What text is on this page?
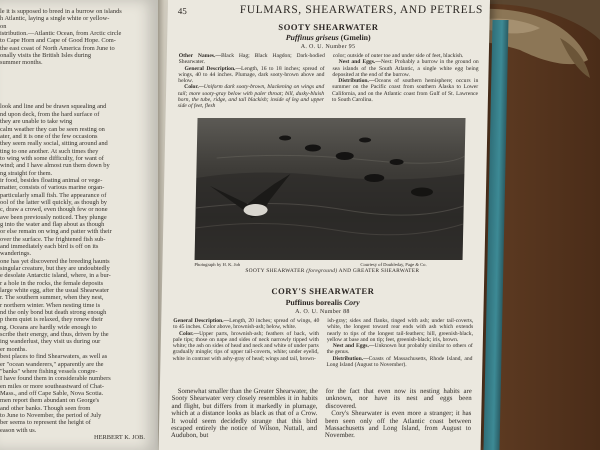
le it is supposed to breed in a burrow on islands
h Atlantic, laying a single white or yellow-
on
istribution.—Atlantic Ocean, from Arctic circle
to Cape Horn and Cape of Good Hope. Com-
the east coast of North America from June to
onally visits the British Isles during
summer months.
look and line and be drawn squealing and
nd upon deck, from the hard surface of
they are unable to take wing
calm weather they can be seen resting on
ater, and it is one of the few occasions
they seem really social, sitting around and
ting to one another. At such times they
to wing with some difficulty, for want of
wind; and I have almost run them down by
ng straight for them.
ir food, besides floating animal or vege-
matter, consists of various marine organ-
particularly small fish. The appearance of
ool of the latter will quickly, as though by
c, draw a crowd, even though few or none
ave been previously noticed. They plunge
g into the water and flap about as though
or else remain on wing and patter with their
over the surface. The frightened fish sub-
and immediately each bird is off on its
wanderings.
one has yet discovered the breeding haunts
singular creature, but they are undoubtedly
e desolate Antarctic island, where, in a bur-
r a hole in the rocks, the female deposits
large white egg, after the usual Shearwater
r. The southern summer, when they nest,
r northern winter. When nesting time is
nd the only bond but death strong enough
p them quiet is relaxed, they renew their
ng. Oceans are hardly wide enough to
scribe their energy, and thus, driven by the
ing wanderlust, they visit us during our
er months.
best places to find Shearwaters, as well as
er "ocean wanderers," apparently are the
"banks" where fishing vessels congre-
I have found them in considerable numbers
en miles or more southeastward of Chat-
Mass., and off Cape Sable, Nova Scotia.
men report them abundant on George's
and other banks. Though seen from
to June to November, the period of July
ber seems to represent the height of
eason with us.
HERBERT K. JOB.
45	FULMARS, SHEARWATERS, AND PETRELS
SOOTY SHEARWATER
Puffinus griseus (Gmelin)
A. O. U. Number 95

Other Names.—Black Hag; Black Hagdon; Dark-bodied Shearwater.

General Description.—Length, 16 to 18 inches; spread of wings, 40 to 44 inches. Plumage, dark sooty-brown above and below.

Color.—Uniform dark sooty-brown, blackening on wings and tail; more sooty-gray below with paler throat; bill, dusky-bluish horn, the tube, ridge, and tail blackish; inside of leg and upper side of feet, flesh

color; outside of outer toe and under side of feet, blackish.

Nest and Eggs.—Nest: Probably a burrow in the ground on sea islands of the South Atlantic, a single white egg being deposited at the end of the burrow.

Distribution.—Oceans of southern hemisphere; occurs in summer on the Pacific coast from southern Alaska to Lower California, and on the Atlantic coast from Gulf of St. Lawrence to South Carolina.

Photograph by H. K. Job	Courtesy of Doubleday, Page & Co.
SOOTY SHEARWATER (foreground) AND GREATER SHEARWATER
CORY'S SHEARWATER
Puffinus borealis Cory
A. O. U. Number 88

General Description.—Length, 20 inches; spread of wings, 40 to 45 inches. Color above, brownish-ash; below, white.

Color.—Upper parts, brownish-ash; feathers of back, with pale tips; those on nape and sides of neck narrowly tipped with white; the ash on sides of head and neck and white of under parts gradually mingle; tips of upper tail-coverts, white; under eyelid, white in contrast with ashy-gray of head; wings and tail, brown-

ish-gray; sides and flanks, tinged with ash; under tail-coverts, white, the longest toward rear ends with ash which extends nearly to tips of the longest tail-feathers; bill, greenish-black, yellow at base and on tip; feet, greenish-black; iris, brown.

Nest and Eggs.—Unknown but probably similar to others of the genus.

Distribution.—Coasts of Massachusetts, Rhode Island, and Long Island (August to November).

Somewhat smaller than the Greater Shearwater, the Sooty Shearwater very closely resembles it in habits and flight, but differs from it markedly in plumage, which at a distance looks as black as that of a Crow. It would seem decidedly strange that this bird escaped entirely the notice of Wilson, Nuttall, and Audubon, but

for the fact that even now its nesting habits are unknown, nor have its nest and eggs been discovered.

Cory's Shearwater is even more a stranger; it has been seen only off the Atlantic coast between Massachusetts and Long Island, from August to November.
